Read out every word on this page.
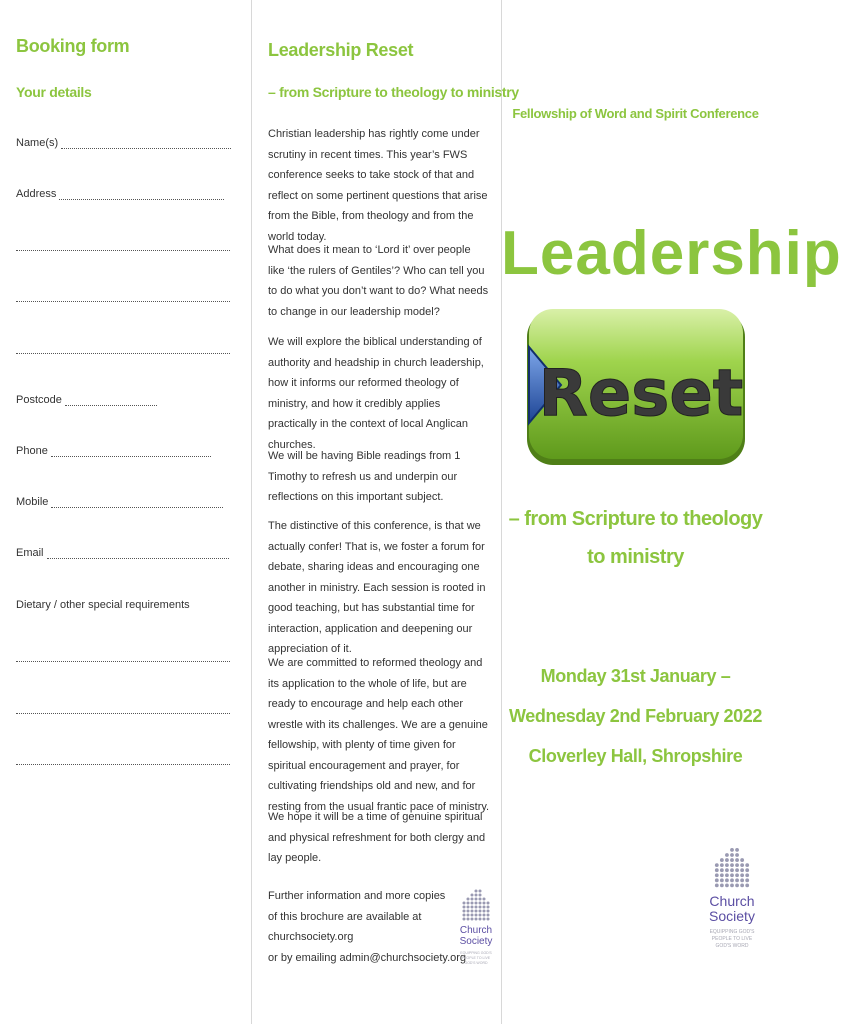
Booking form
Your details
Name(s)
Address
Postcode
Phone
Mobile
Email
Dietary / other special requirements
Leadership Reset
– from Scripture to theology to ministry

Christian leadership has rightly come under scrutiny in recent times. This year’s FWS conference seeks to take stock of that and reflect on some pertinent questions that arise from the Bible, from theology and from the world today.

What does it mean to ‘Lord it’ over people like ‘the rulers of Gentiles’? Who can tell you to do what you don’t want to do? What needs to change in our leadership model?

We will explore the biblical understanding of authority and headship in church leadership, how it informs our reformed theology of ministry, and how it credibly applies practically in the context of local Anglican churches.

We will be having Bible readings from 1 Timothy to refresh us and underpin our reflections on this important subject.

The distinctive of this conference, is that we actually confer! That is, we foster a forum for debate, sharing ideas and encouraging one another in ministry. Each session is rooted in good teaching, but has substantial time for interaction, application and deepening our appreciation of it.

We are committed to reformed theology and its application to the whole of life, but are ready to encourage and help each other wrestle with its challenges. We are a genuine fellowship, with plenty of time given for spiritual encouragement and prayer, for cultivating friendships old and new, and for resting from the usual frantic pace of ministry.

We hope it will be a time of genuine spiritual and physical refreshment for both clergy and lay people.

Further information and more copies
of this brochure are available at
churchsociety.org
or by emailing admin@churchsociety.org
Church
Society
EQUIPPING GOD'S
PEOPLE TO LIVE
GOD'S WORD
Fellowship of Word and Spirit Conference
Leadership
Reset
– from Scripture to theology
to ministry
Monday 31st January –
Wednesday 2nd February 2022
Cloverley Hall, Shropshire
Church
Society
EQUIPPING GOD'S
PEOPLE TO LIVE
GOD'S WORD
